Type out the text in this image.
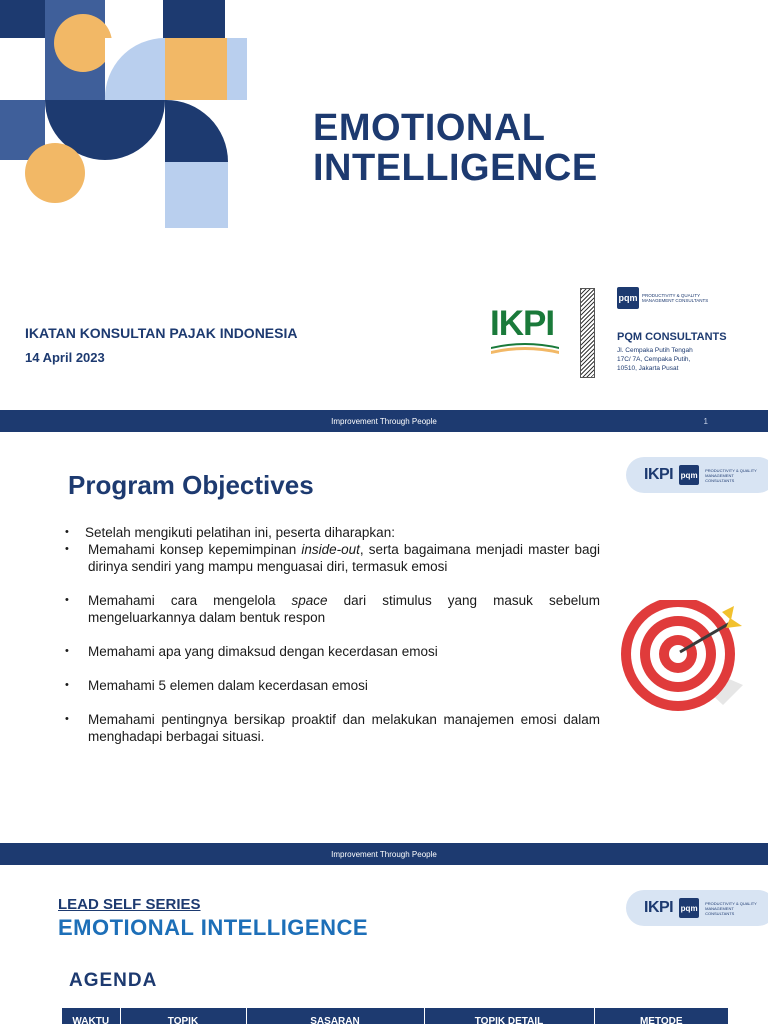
EMOTIONAL
INTELLIGENCE
IKATAN KONSULTAN PAJAK INDONESIA
14 April 2023
IKPI
pqm PRODUCTIVITY & QUALITY MANAGEMENT CONSULTANTS
PQM CONSULTANTS
Jl. Cempaka Putih Tengah
17C/ 7A, Cempaka Putih,
10510, Jakarta Pusat
Improvement Through People	1
Program Objectives	IKPI pqm
PRODUCTIVITY & QUALITY MANAGEMENT CONSULTANTS
• Setelah mengikuti pelatihan ini, peserta diharapkan:
• Memahami konsep kepemimpinan inside-out, serta bagaimana menjadi master bagi dirinya sendiri yang mampu menguasai diri, termasuk emosi
• Memahami cara mengelola space dari stimulus yang masuk sebelum mengeluarkannya dalam bentuk respon
• Memahami apa yang dimaksud dengan kecerdasan emosi
• Memahami 5 elemen dalam kecerdasan emosi
• Memahami pentingnya bersikap proaktif dan melakukan manajemen emosi dalam menghadapi berbagai situasi.
Improvement Through People
LEAD SELF SERIES
EMOTIONAL INTELLIGENCE
IKPI pqm
PRODUCTIVITY & QUALITY MANAGEMENT CONSULTANTS
AGENDA
WAKTU	TOPIK	SASARAN	TOPIK DETAIL	METODE
